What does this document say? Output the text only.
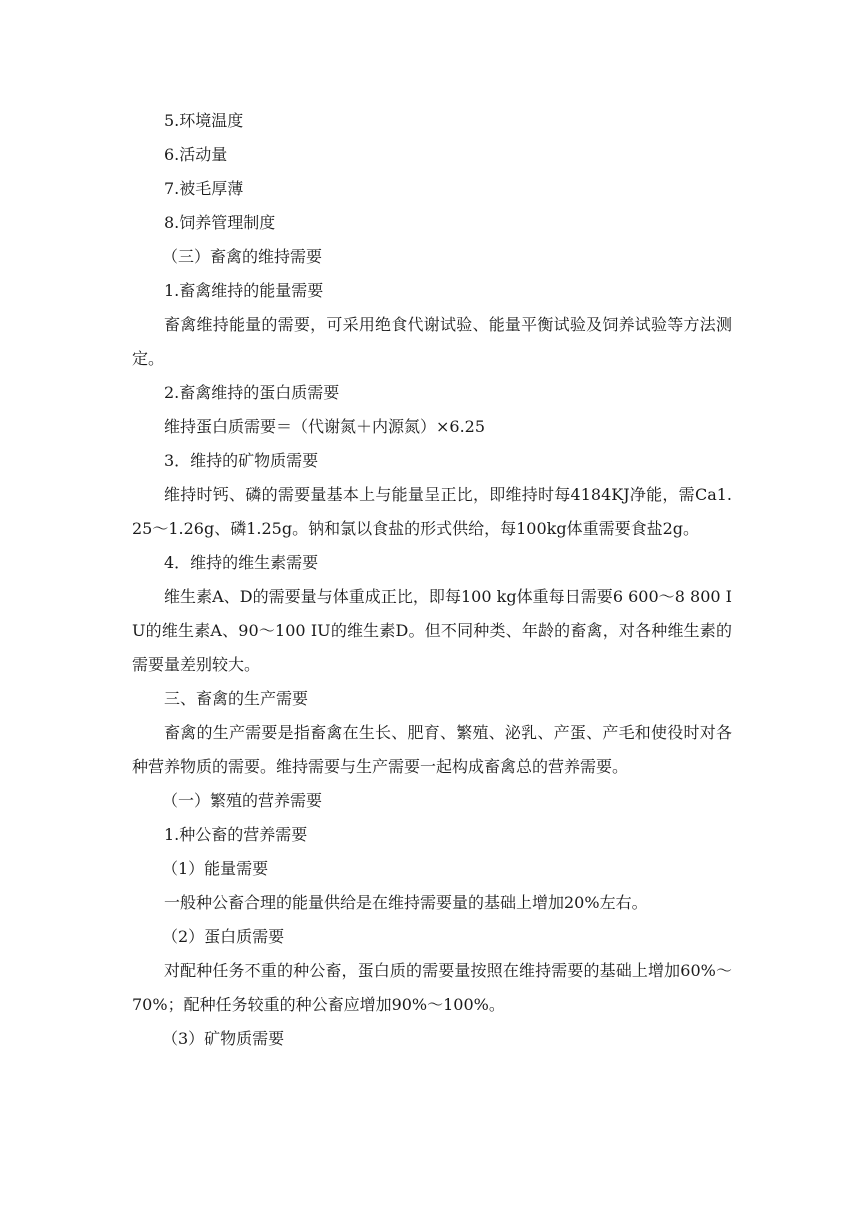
5.环境温度
6.活动量
7.被毛厚薄
8.饲养管理制度
（三）畜禽的维持需要
1.畜禽维持的能量需要
畜禽维持能量的需要，可采用绝食代谢试验、能量平衡试验及饲养试验等方法测定。
2.畜禽维持的蛋白质需要
维持蛋白质需要＝（代谢氮＋内源氮）×6.25
3．维持的矿物质需要
维持时钙、磷的需要量基本上与能量呈正比，即维持时每4184KJ净能，需Ca1.25～1.26g、磷1.25g。钠和氯以食盐的形式供给，每100kg体重需要食盐2g。
4．维持的维生素需要
维生素A、D的需要量与体重成正比，即每100 kg体重每日需要6 600～8 800 IU的维生素A、90～100 IU的维生素D。但不同种类、年龄的畜禽，对各种维生素的需要量差别较大。
三、畜禽的生产需要
畜禽的生产需要是指畜禽在生长、肥育、繁殖、泌乳、产蛋、产毛和使役时对各种营养物质的需要。维持需要与生产需要一起构成畜禽总的营养需要。
（一）繁殖的营养需要
1.种公畜的营养需要
（1）能量需要
一般种公畜合理的能量供给是在维持需要量的基础上增加20%左右。
（2）蛋白质需要
对配种任务不重的种公畜，蛋白质的需要量按照在维持需要的基础上增加60%～70%；配种任务较重的种公畜应增加90%～100%。
（3）矿物质需要
